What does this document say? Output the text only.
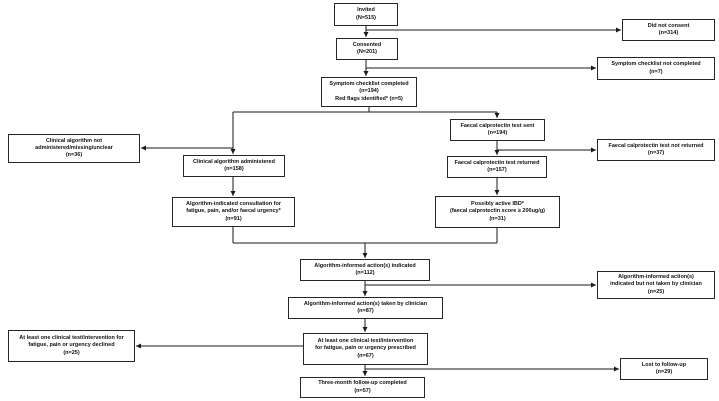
Invited
(N=515)
Did not consent
(n=314)
Consented
(N=201)
Symptom checklist not completed
(n=7)
Symptom checklist completed
(n=194)
Red flags identified* (n=5)
Faecal calprotectin test sent
(n=194)
Clinical algorithm not
administered/missing/unclear
(n=36)
Clinical algorithm administered
(n=158)
Faecal calprotectin test not returned
(n=37)
Faecal calprotectin test returned
(n=157)
Algorithm-indicated consultation for
fatigue, pain, and/or faecal urgency*
(n=91)
Possibly active IBD*
(faecal calprotectin score ≥ 200ug/g)
(n=31)
Algorithm-informed action(s) indicated
(n=112)
Algorithm-informed action(s)
indicated but not taken by clinician
(n=25)
Algorithm-informed action(s) taken by clinician
(n=87)
At least one clinical test/intervention
for fatigue, pain or urgency prescribed
(n=67)
At least one clinical test/intervention for
fatigue, pain or urgency declined
(n=25)
Lost to follow-up
(n=29)
Three-month follow-up completed
(n=57)
